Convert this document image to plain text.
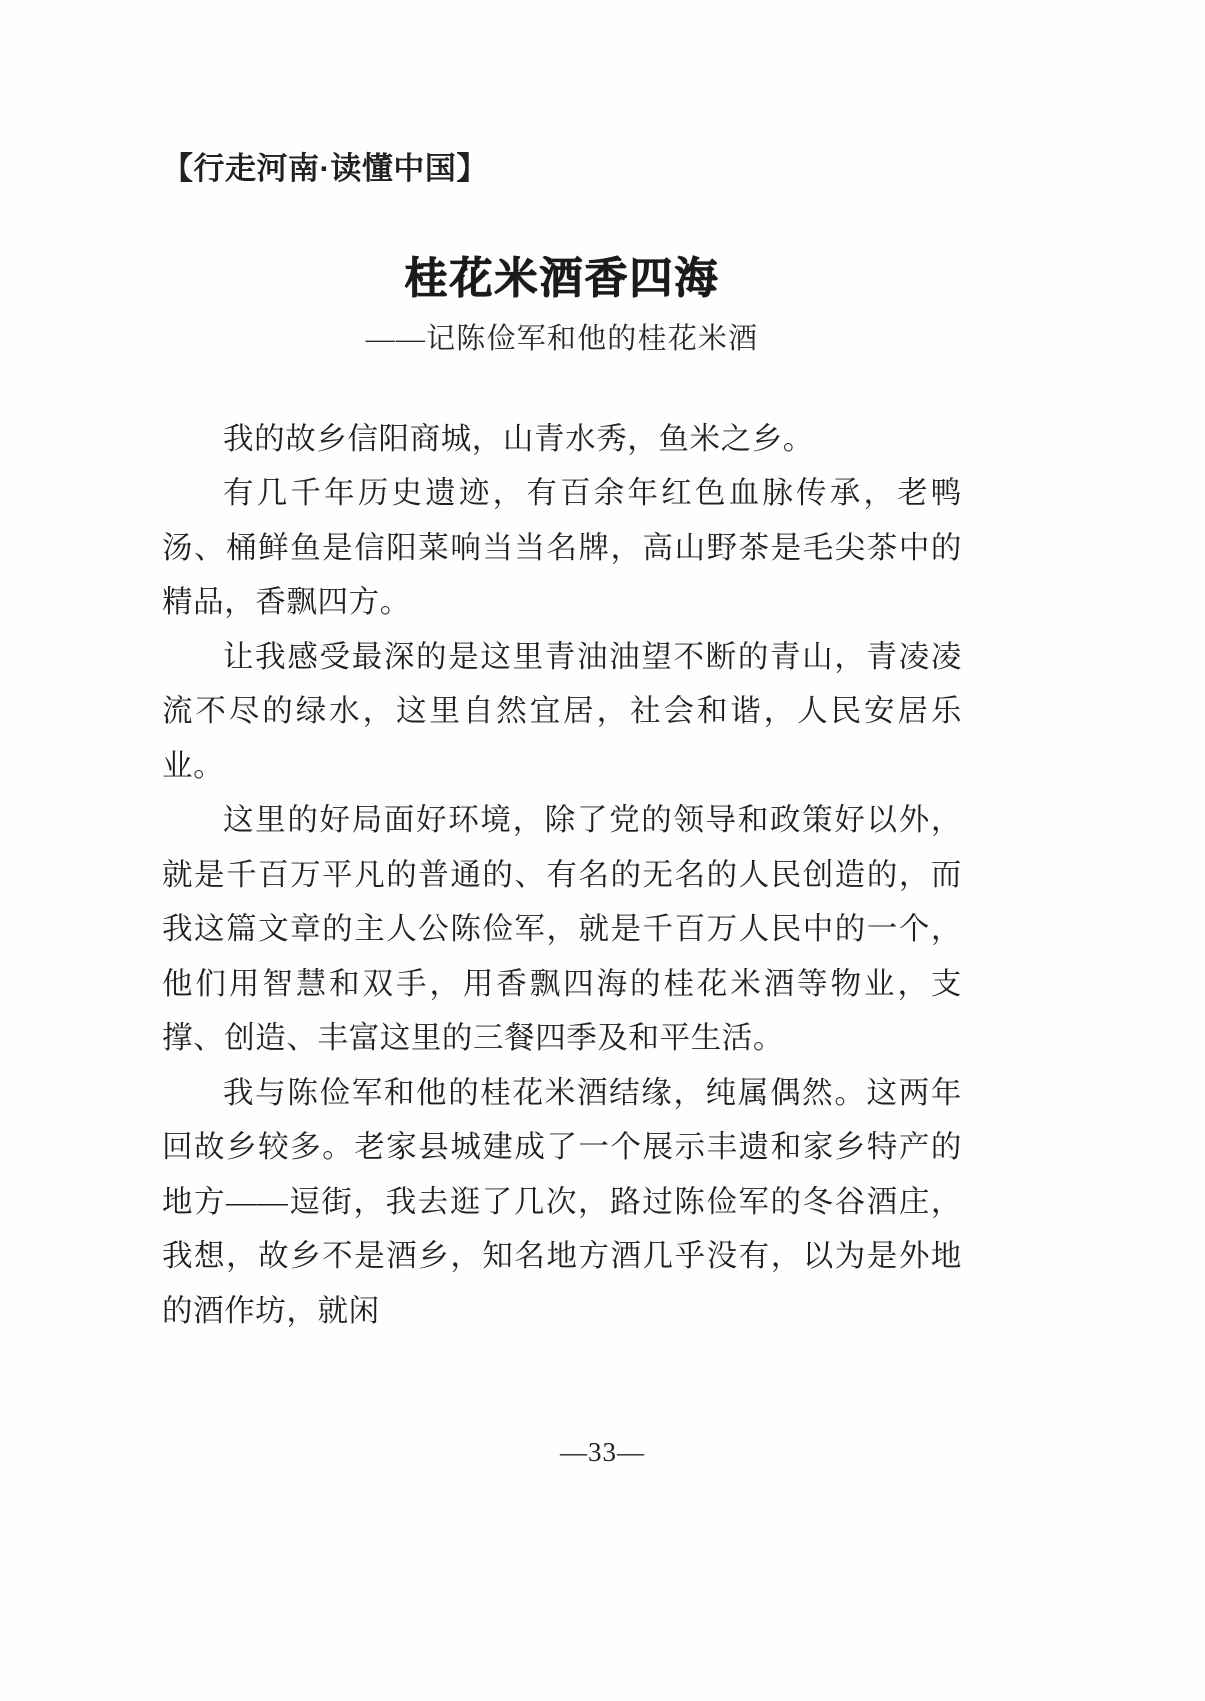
【行走河南·读懂中国】
桂花米酒香四海
——记陈俭军和他的桂花米酒

我的故乡信阳商城，山青水秀，鱼米之乡。

有几千年历史遗迹，有百余年红色血脉传承，老鸭汤、桶鲜鱼是信阳菜响当当名牌，高山野茶是毛尖茶中的精品，香飘四方。

让我感受最深的是这里青油油望不断的青山，青凌凌流不尽的绿水，这里自然宜居，社会和谐，人民安居乐业。

这里的好局面好环境，除了党的领导和政策好以外，就是千百万平凡的普通的、有名的无名的人民创造的，而我这篇文章的主人公陈俭军，就是千百万人民中的一个，他们用智慧和双手，用香飘四海的桂花米酒等物业，支撑、创造、丰富这里的三餐四季及和平生活。

我与陈俭军和他的桂花米酒结缘，纯属偶然。这两年回故乡较多。老家县城建成了一个展示丰遗和家乡特产的地方——逗街，我去逛了几次，路过陈俭军的冬谷酒庄，我想，故乡不是酒乡，知名地方酒几乎没有，以为是外地的酒作坊，就闲

—33—
